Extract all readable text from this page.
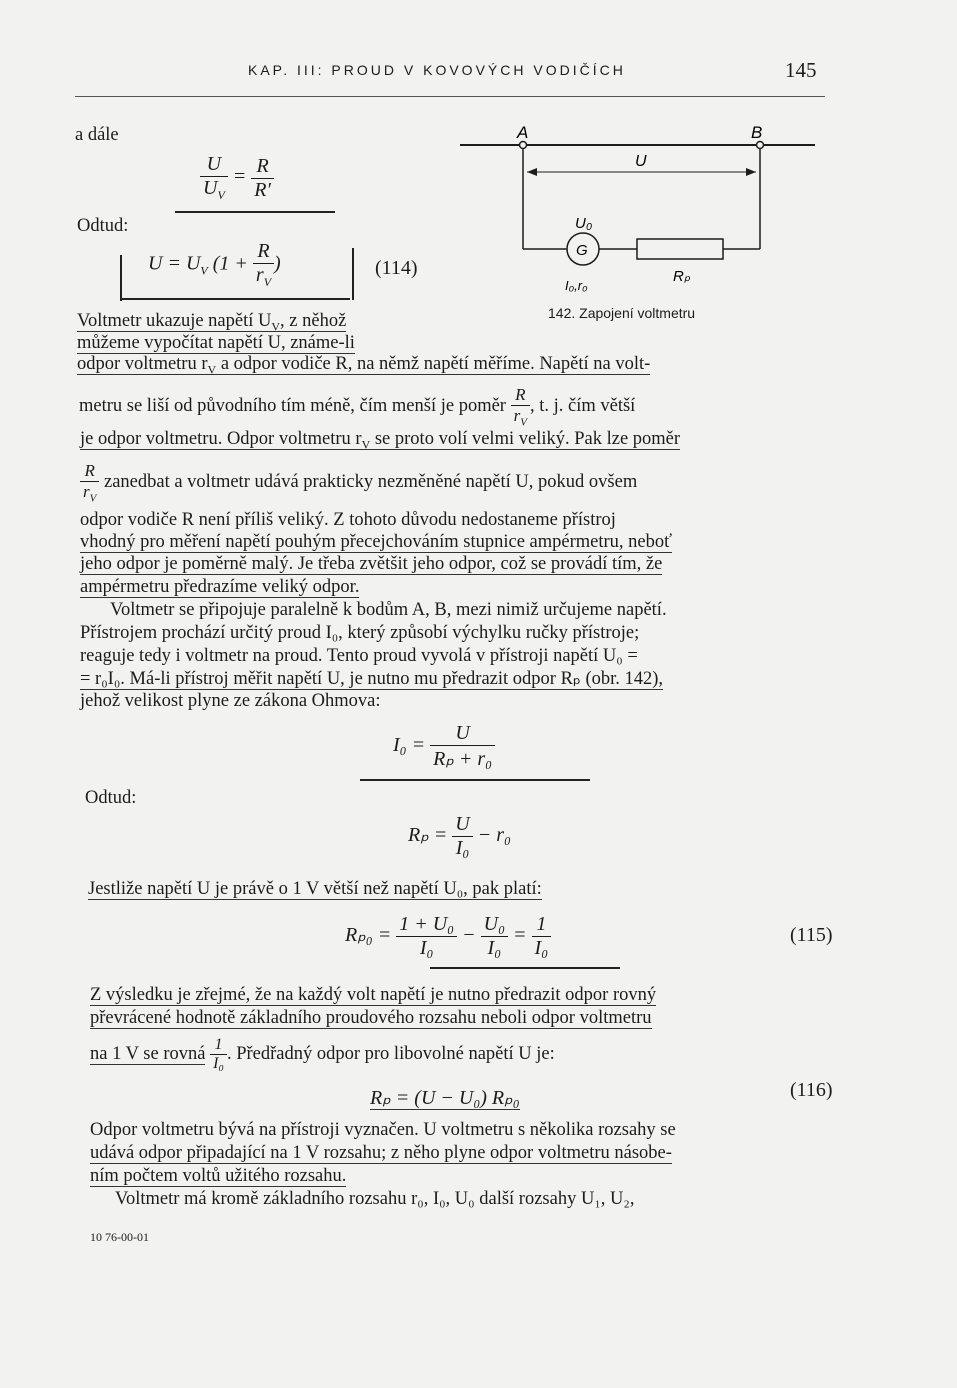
KAP. III: PROUD V KOVOVÝCH VODIČÍCH	145
a dále
$\frac{U}{U_V} = \frac{R}{R'}$
Odtud:
$U = U_V$ ($1 + \frac{R}{r_V}$ )	(114)
A	B
U
G
U₀
I₀,r₀
Rₚ
142. Zapojení voltmetru
Voltmetr ukazuje napětí $U_V$, z něhož
můžeme vypočítat napětí U, známe-li
odpor voltmetru $r_V$ a odpor vodiče R, na němž napětí měříme. Napětí na volt-
metru se liší od původního tím méně, čím menší je poměr $\frac{R}{r_V}$ , t. j. čím větší
je odpor voltmetru. Odpor voltmetru $r_V$ se proto volí velmi veliký. Pak lze poměr
$\frac{R}{r_V}$ zanedbat a voltmetr udává prakticky nezměněné napětí U, pokud ovšem
odpor vodiče R není příliš veliký. Z tohoto důvodu nedostaneme přístroj
vhodný pro měření napětí pouhým přecejchováním stupnice ampérmetru, neboť
jeho odpor je poměrně malý. Je třeba zvětšit jeho odpor, což se provádí tím, že
ampérmetru předrazíme veliký odpor.
Voltmetr se připojuje paralelně k bodům A, B, mezi nimiž určujeme napětí.
Přístrojem prochází určitý proud I₀, který způsobí výchylku ručky přístroje;
reaguje tedy i voltmetr na proud. Tento proud vyvolá v přístroji napětí U₀ =
= r₀I₀. Má-li přístroj měřit napětí U, je nutno mu předrazit odpor Rₚ (obr. 142),
jehož velikost plyne ze zákona Ohmova:
$I_0 = \frac{U}{\text{Rₚ + r₀}}$
Odtud:
$R_p = \frac{U}{\text{I₀}} - r_0$
Jestliže napětí U je právě o 1 V větší než napětí U₀, pak platí:
$R_{p0} = \frac{\text{1 + U₀}}{\text{I₀}} - \frac{\text{U₀}}{\text{I₀}} = \frac{1}{\text{I₀}}$	(115)
Z výsledku je zřejmé, že na každý volt napětí je nutno předrazit odpor rovný
převrácené hodnotě základního proudového rozsahu neboli odpor voltmetru
na 1 V se rovná $\frac{1}{\text{I₀}}$ . Předřadný odpor pro libovolné napětí U je:
Rₚ = (U − U₀) Rₚ₀	(116)
Odpor voltmetru bývá na přístroji vyznačen. U voltmetru s několika rozsahy se
udává odpor připadající na 1 V rozsahu; z něho plyne odpor voltmetru násobe-
ním počtem voltů užitého rozsahu.
Voltmetr má kromě základního rozsahu r₀, I₀, U₀ další rozsahy U₁, U₂,
10 76-00-01
